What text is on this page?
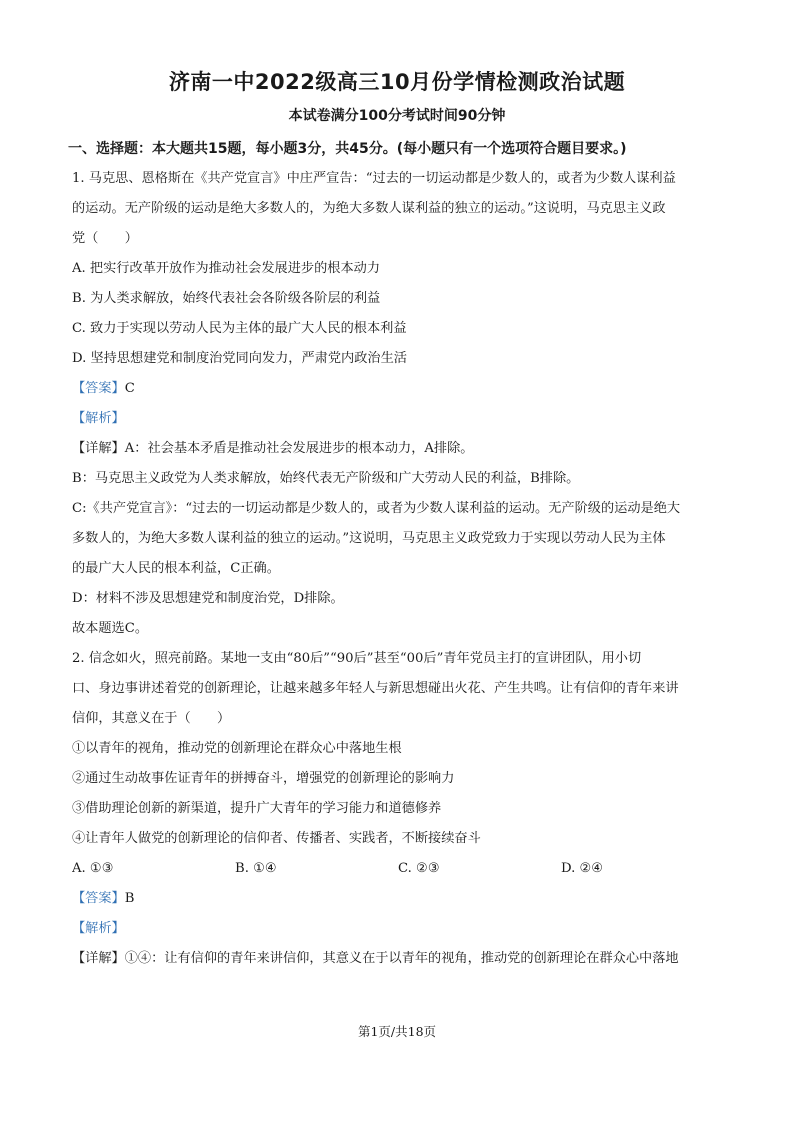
济南一中2022级高三10月份学情检测政治试题
本试卷满分100分考试时间90分钟
一、选择题：本大题共15题，每小题3分，共45分。(每小题只有一个选项符合题目要求。)
1. 马克思、恩格斯在《共产党宣言》中庄严宣告：“过去的一切运动都是少数人的，或者为少数人谋利益
的运动。无产阶级的运动是绝大多数人的，为绝大多数人谋利益的独立的运动。”这说明，马克思主义政
党（　　）
A. 把实行改革开放作为推动社会发展进步的根本动力
B. 为人类求解放，始终代表社会各阶级各阶层的利益
C. 致力于实现以劳动人民为主体的最广大人民的根本利益
D. 坚持思想建党和制度治党同向发力，严肃党内政治生活
【答案】C
【解析】
【详解】A：社会基本矛盾是推动社会发展进步的根本动力，A排除。
B：马克思主义政党为人类求解放，始终代表无产阶级和广大劳动人民的利益，B排除。
C:《共产党宣言》：“过去的一切运动都是少数人的，或者为少数人谋利益的运动。无产阶级的运动是绝大
多数人的，为绝大多数人谋利益的独立的运动。”这说明，马克思主义政党致力于实现以劳动人民为主体
的最广大人民的根本利益，C正确。
D：材料不涉及思想建党和制度治党，D排除。
故本题选C。
2. 信念如火，照亮前路。某地一支由“80后”“90后”甚至“00后”青年党员主打的宣讲团队，用小切
口、身边事讲述着党的创新理论，让越来越多年轻人与新思想碰出火花、产生共鸣。让有信仰的青年来讲
信仰，其意义在于（　　）
①以青年的视角，推动党的创新理论在群众心中落地生根
②通过生动故事佐证青年的拼搏奋斗，增强党的创新理论的影响力
③借助理论创新的新渠道，提升广大青年的学习能力和道德修养
④让青年人做党的创新理论的信仰者、传播者、实践者，不断接续奋斗
A. ①③	B. ①④	C. ②③	D. ②④
【答案】B
【解析】
【详解】①④：让有信仰的青年来讲信仰，其意义在于以青年的视角，推动党的创新理论在群众心中落地
第1页/共18页
